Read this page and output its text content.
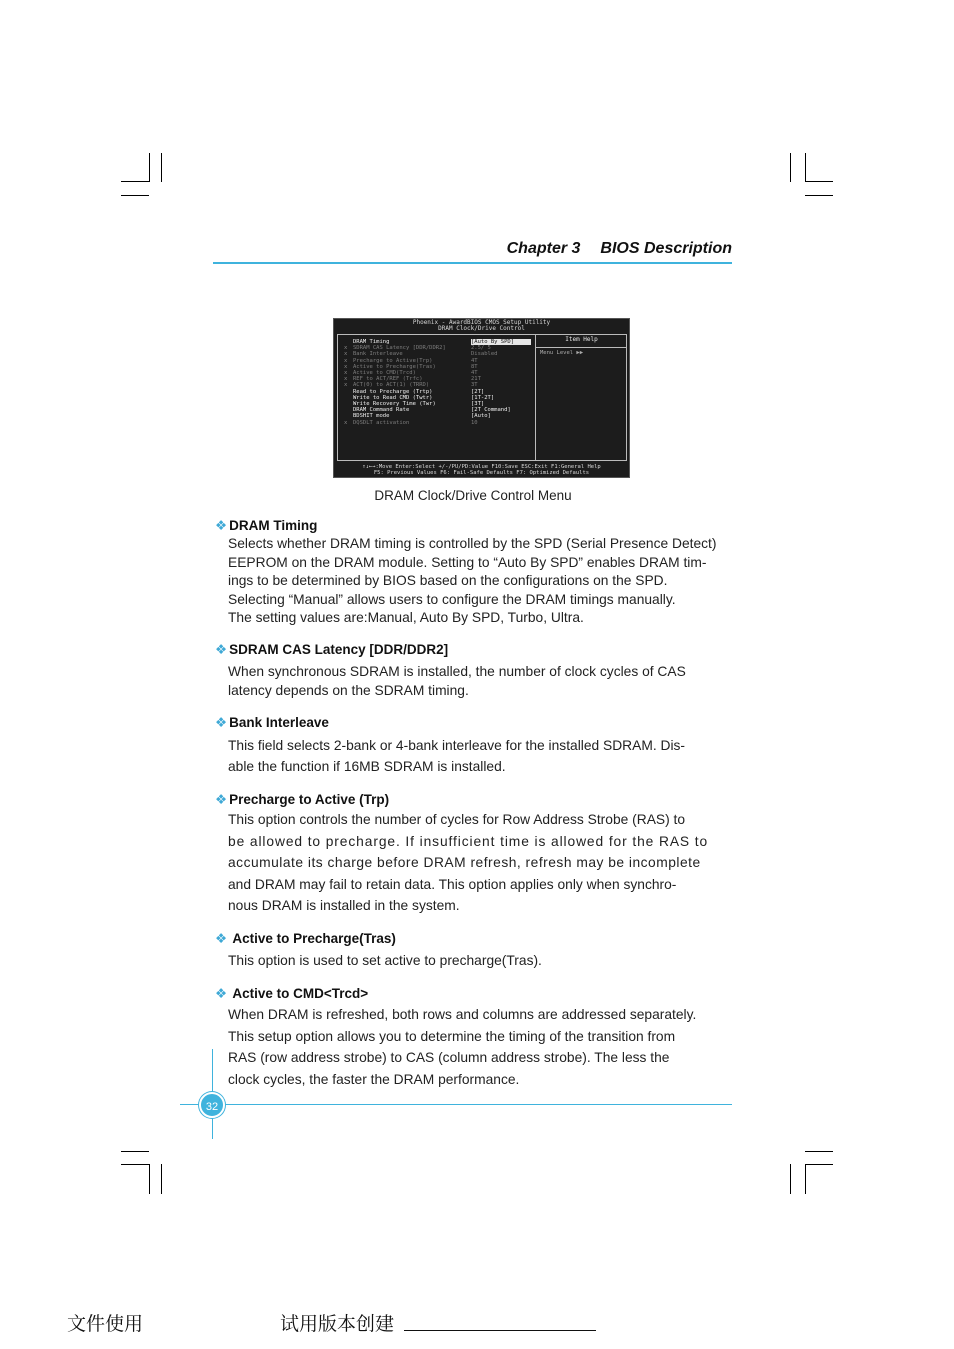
Chapter 3 BIOS Description
Phoenix - AwardBIOS CMOS Setup Utility
DRAM Clock/Drive Control
Item Help
Menu Level ▶▶
DRAM Timing	[Auto By SPD]
x SDRAM CAS Latency [DDR/DDR2]	2.5/ 5
x Bank Interleave	Disabled
x Precharge to Active(Trp)	4T
x Active to Precharge(Tras)	8T
x Active to CMD(Trcd)	4T
x REF to ACT/REF (Trfc)	21T
x ACT(0) to ACT(1) (TRRD)	3T
Read to Precharge (Trtp)	[2T]
Write to Read CMD (Twtr)	[1T-2T]
Write Recovery Time (Twr)	[3T]
DRAM Command Rate	[2T Command]
BDSHIT mode	[Auto]
x DQSDLT activation	10
↑↓←→:Move Enter:Select +/-/PU/PD:Value F10:Save ESC:Exit F1:General Help
F5: Previous Values F6: Fail-Safe Defaults F7: Optimized Defaults
DRAM Clock/Drive Control Menu
❖ DRAM Timing
Selects whether DRAM timing is controlled by the SPD (Serial Presence Detect)
EEPROM on the DRAM module. Setting to “Auto By SPD” enables DRAM tim-
ings to be determined by BIOS based on the configurations on the SPD.
Selecting “Manual” allows users to configure the DRAM timings manually.
The setting values are:Manual, Auto By SPD, Turbo, Ultra.
❖ SDRAM CAS Latency [DDR/DDR2]
When synchronous SDRAM is installed, the number of clock cycles of CAS
latency depends on the SDRAM timing.
❖ Bank Interleave
This field selects 2-bank or 4-bank interleave for the installed SDRAM. Dis-
able the function if 16MB SDRAM is installed.
❖ Precharge to Active (Trp)
This option controls the number of cycles for Row Address Strobe (RAS) to
be allowed to precharge. If insufficient time is allowed for the RAS to
accumulate its charge before DRAM refresh, refresh may be incomplete
and DRAM may fail to retain data. This option applies only when synchro-
nous DRAM is installed in the system.
❖ Active to Precharge(Tras)
This option is used to set active to precharge(Tras).
❖ Active to CMD<Trcd>
When DRAM is refreshed, both rows and columns are addressed separately.
This setup option allows you to determine the timing of the transition from
RAS (row address strobe) to CAS (column address strobe). The less the
clock cycles, the faster the DRAM performance.
32
文件使用	试用版本创建
